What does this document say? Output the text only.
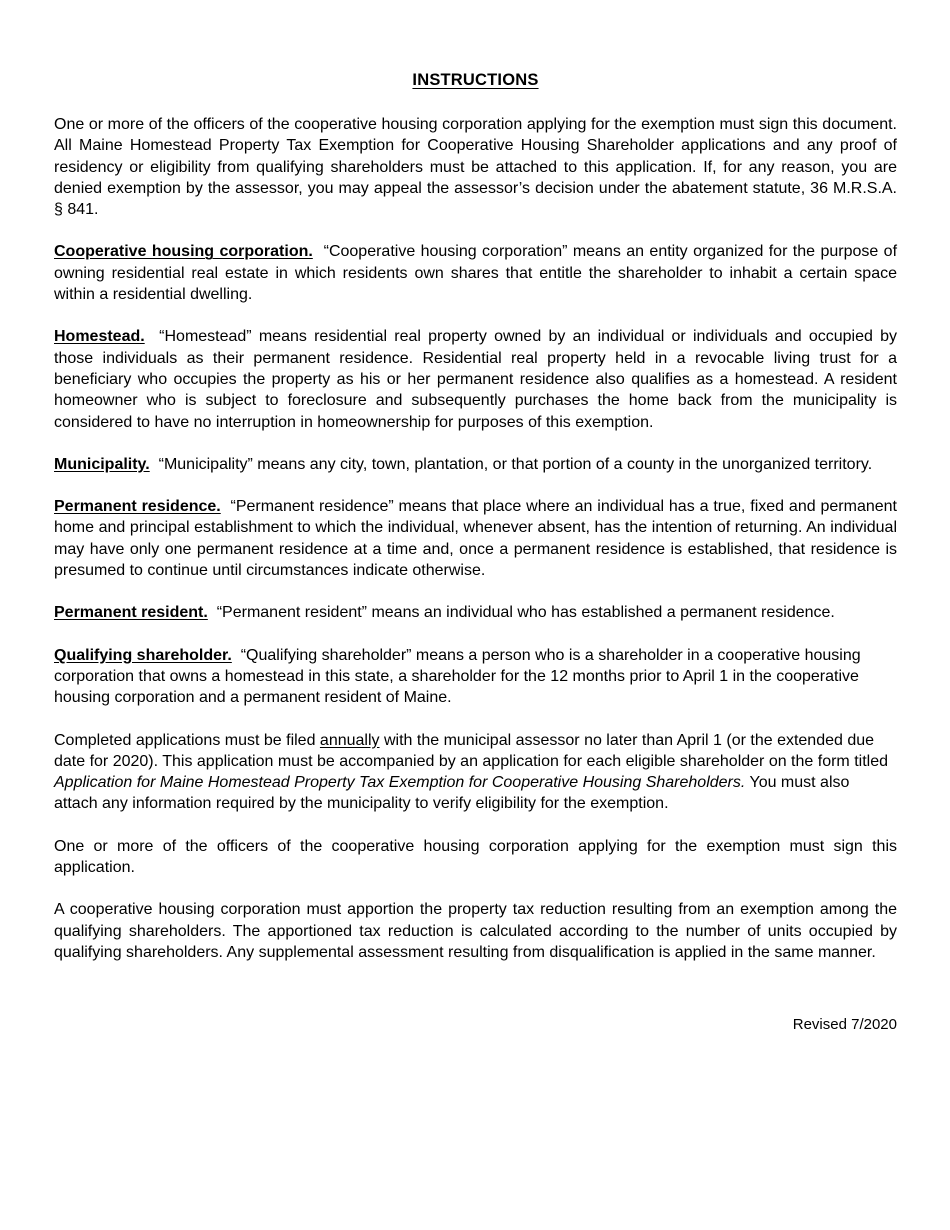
INSTRUCTIONS

One or more of the officers of the cooperative housing corporation applying for the exemption must sign this document. All Maine Homestead Property Tax Exemption for Cooperative Housing Shareholder applications and any proof of residency or eligibility from qualifying shareholders must be attached to this application. If, for any reason, you are denied exemption by the assessor, you may appeal the assessor’s decision under the abatement statute, 36 M.R.S.A. § 841.

Cooperative housing corporation. “Cooperative housing corporation” means an entity organized for the purpose of owning residential real estate in which residents own shares that entitle the shareholder to inhabit a certain space within a residential dwelling.

Homestead. “Homestead” means residential real property owned by an individual or individuals and occupied by those individuals as their permanent residence. Residential real property held in a revocable living trust for a beneficiary who occupies the property as his or her permanent residence also qualifies as a homestead. A resident homeowner who is subject to foreclosure and subsequently purchases the home back from the municipality is considered to have no interruption in homeownership for purposes of this exemption.

Municipality. “Municipality” means any city, town, plantation, or that portion of a county in the unorganized territory.

Permanent residence. “Permanent residence” means that place where an individual has a true, fixed and permanent home and principal establishment to which the individual, whenever absent, has the intention of returning. An individual may have only one permanent residence at a time and, once a permanent residence is established, that residence is presumed to continue until circumstances indicate otherwise.

Permanent resident. “Permanent resident” means an individual who has established a permanent residence.

Qualifying shareholder. “Qualifying shareholder” means a person who is a shareholder in a cooperative housing corporation that owns a homestead in this state, a shareholder for the 12 months prior to April 1 in the cooperative housing corporation and a permanent resident of Maine.

Completed applications must be filed annually with the municipal assessor no later than April 1 (or the extended due date for 2020). This application must be accompanied by an application for each eligible shareholder on the form titled Application for Maine Homestead Property Tax Exemption for Cooperative Housing Shareholders. You must also attach any information required by the municipality to verify eligibility for the exemption.

One or more of the officers of the cooperative housing corporation applying for the exemption must sign this application.

A cooperative housing corporation must apportion the property tax reduction resulting from an exemption among the qualifying shareholders. The apportioned tax reduction is calculated according to the number of units occupied by qualifying shareholders. Any supplemental assessment resulting from disqualification is applied in the same manner.

Revised 7/2020
